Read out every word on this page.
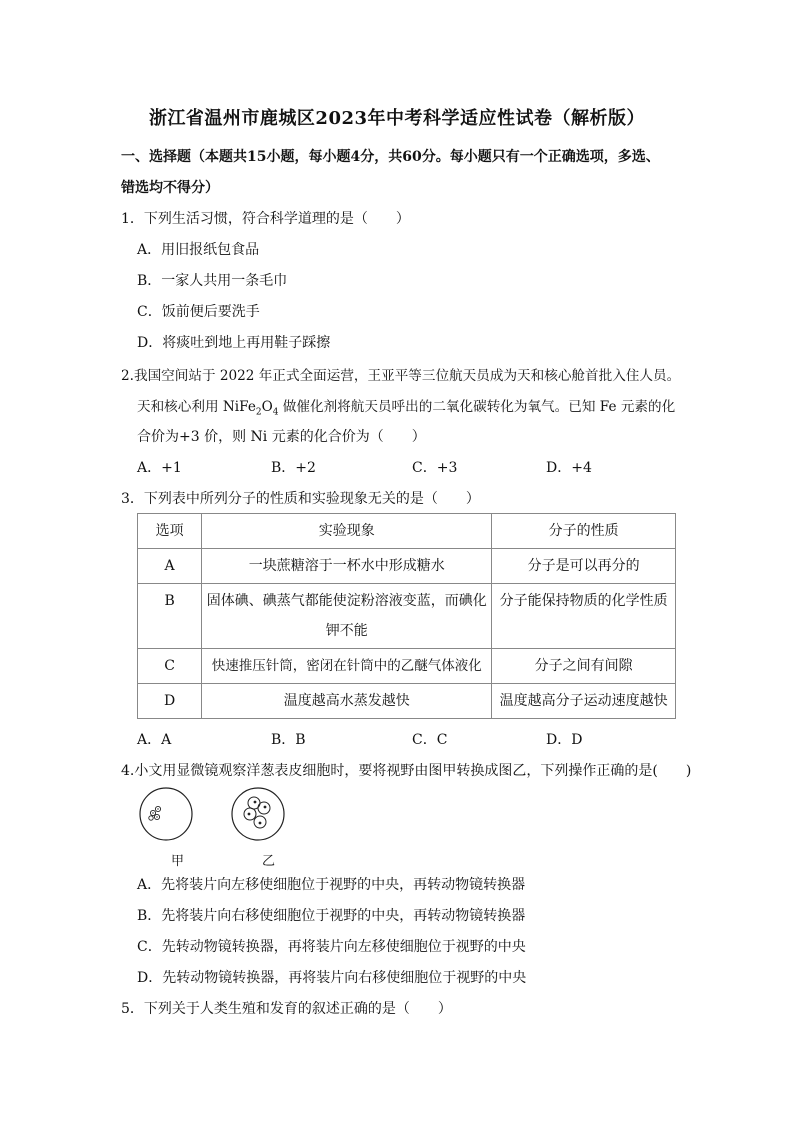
浙江省温州市鹿城区2023年中考科学适应性试卷（解析版）
一、选择题（本题共15小题，每小题4分，共60分。每小题只有一个正确选项，多选、
错选均不得分）
1．下列生活习惯，符合科学道理的是（　　）
A．用旧报纸包食品
B．一家人共用一条毛巾
C．饭前便后要洗手
D．将痰吐到地上再用鞋子踩擦
2.我国空间站于 2022 年正式全面运营，王亚平等三位航天员成为天和核心舱首批入住人员。
天和核心利用 $NiFe_2O_4$ 做催化剂将航天员呼出的二氧化碳转化为氧气。已知 Fe 元素的化
合价为+3 价，则 Ni 元素的化合价为（　　）
A．+1	B．+2	C．+3	D．+4
3．下列表中所列分子的性质和实验现象无关的是（　　）
选项	实验现象	分子的性质
A	一块蔗糖溶于一杯水中形成糖水	分子是可以再分的
B	固体碘、碘蒸气都能使淀粉溶液变蓝，而碘化钾不能	分子能保持物质的化学性质
C	快速推压针筒，密闭在针筒中的乙醚气体液化	分子之间有间隙
D	温度越高水蒸发越快	温度越高分子运动速度越快
A．A	B．B	C．C	D．D
4.小文用显微镜观察洋葱表皮细胞时，要将视野由图甲转换成图乙，下列操作正确的是(　　)
甲	乙
A．先将装片向左移使细胞位于视野的中央，再转动物镜转换器
B．先将装片向右移使细胞位于视野的中央，再转动物镜转换器
C．先转动物镜转换器，再将装片向左移使细胞位于视野的中央
D．先转动物镜转换器，再将装片向右移使细胞位于视野的中央
5．下列关于人类生殖和发育的叙述正确的是（　　）
